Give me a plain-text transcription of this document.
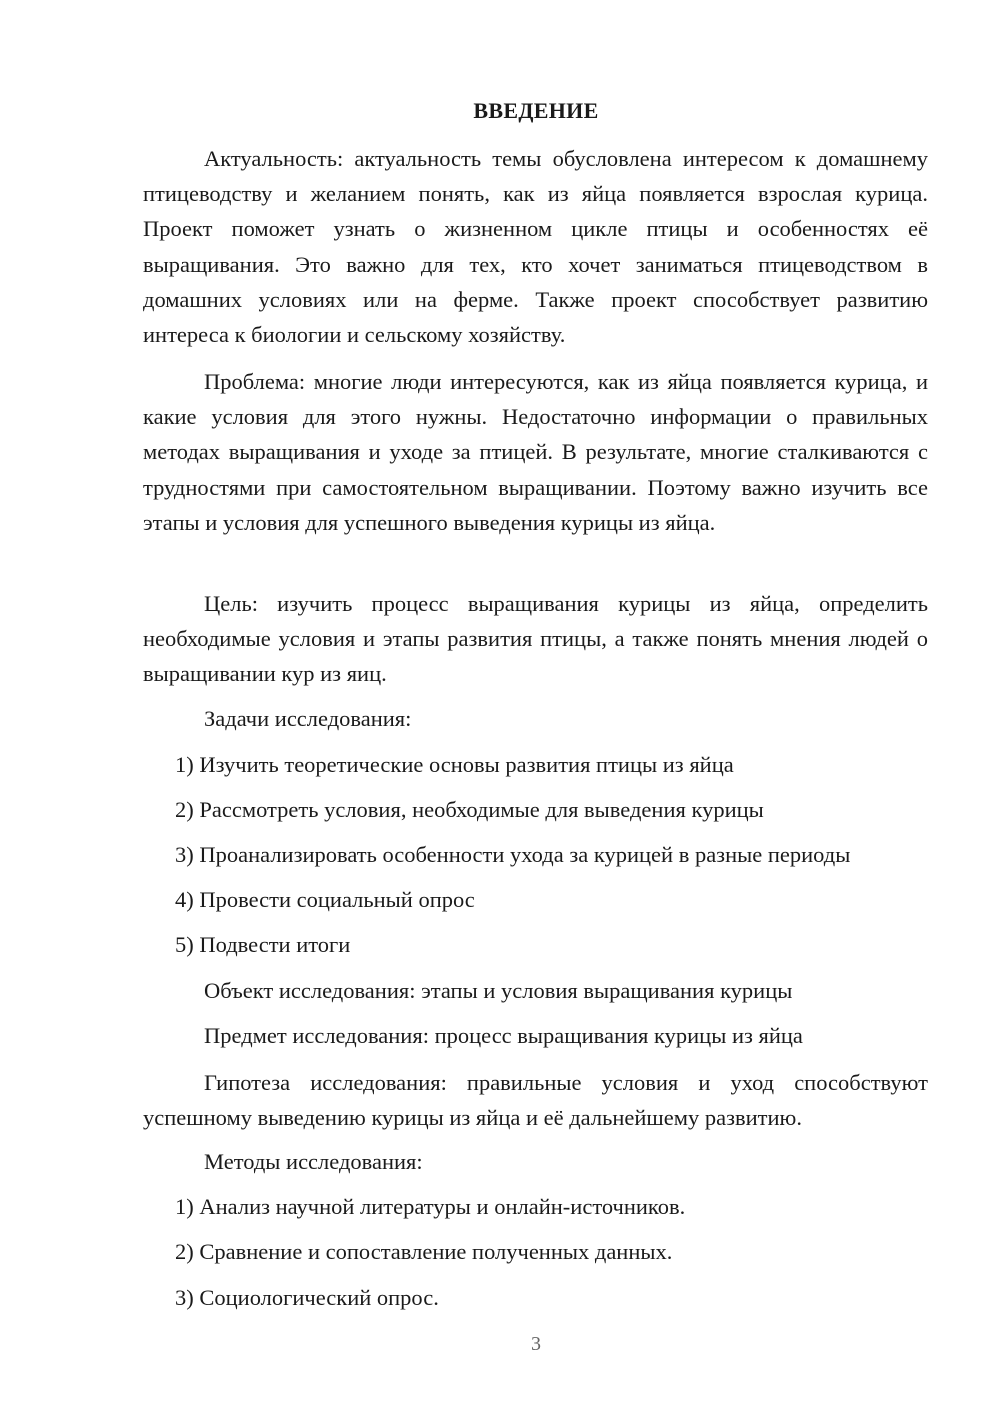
ВВЕДЕНИЕ

Актуальность: актуальность темы обусловлена интересом к домашнему птицеводству и желанием понять, как из яйца появляется взрослая курица. Проект поможет узнать о жизненном цикле птицы и особенностях её выращивания. Это важно для тех, кто хочет заниматься птицеводством в домашних условиях или на ферме. Также проект способствует развитию интереса к биологии и сельскому хозяйству.

Проблема: многие люди интересуются, как из яйца появляется курица, и какие условия для этого нужны. Недостаточно информации о правильных методах выращивания и уходе за птицей. В результате, многие сталкиваются с трудностями при самостоятельном выращивании. Поэтому важно изучить все этапы и условия для успешного выведения курицы из яйца.

Цель: изучить процесс выращивания курицы из яйца, определить необходимые условия и этапы развития птицы, а также понять мнения людей о выращивании кур из яиц.

Задачи исследования:
1) Изучить теоретические основы развития птицы из яйца
2) Рассмотреть условия, необходимые для выведения курицы
3) Проанализировать особенности ухода за курицей в разные периоды
4) Провести социальный опрос
5) Подвести итоги
Объект исследования: этапы и условия выращивания курицы
Предмет исследования: процесс выращивания курицы из яйца

Гипотеза исследования: правильные условия и уход способствуют успешному выведению курицы из яйца и её дальнейшему развитию.

Методы исследования:
1) Анализ научной литературы и онлайн-источников.
2) Сравнение и сопоставление полученных данных.
3) Социологический опрос.
3
